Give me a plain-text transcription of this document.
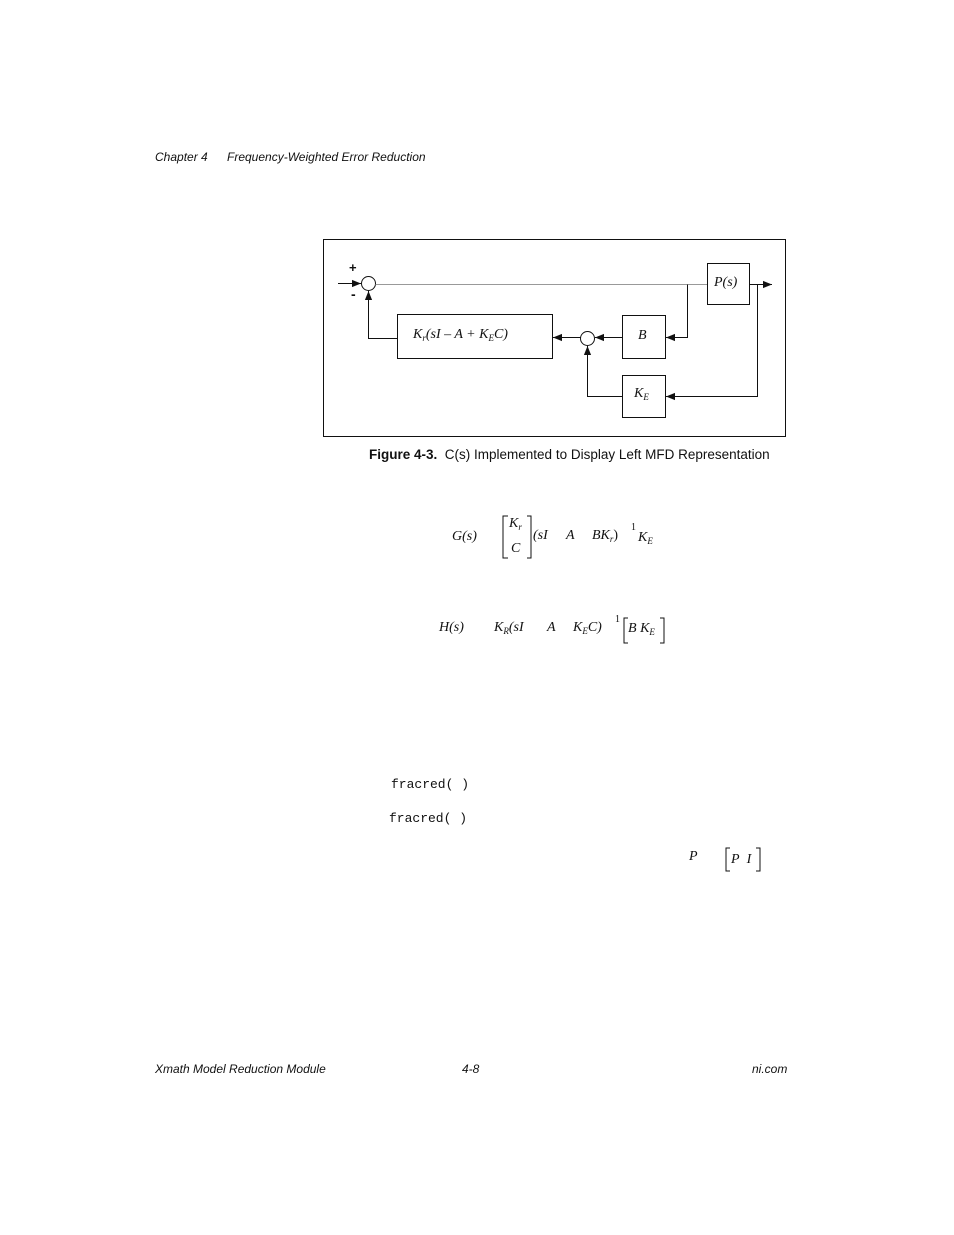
Chapter 4 Frequency-Weighted Error Reduction
+
-
P(s)
B
$K_E$
$K_r(sI - A + K_EC)$
Figure 4-3. C(s) Implemented to Display Left MFD Representation
G(s)
$K_r$
C
(sI A $BK_r$)
1
$K_E$
H(s) $K_R(sI$ A $K_EC$)
1
B $K_E$
fracred( )
fracred( )
P P I
Xmath Model Reduction Module	4-8	ni.com
